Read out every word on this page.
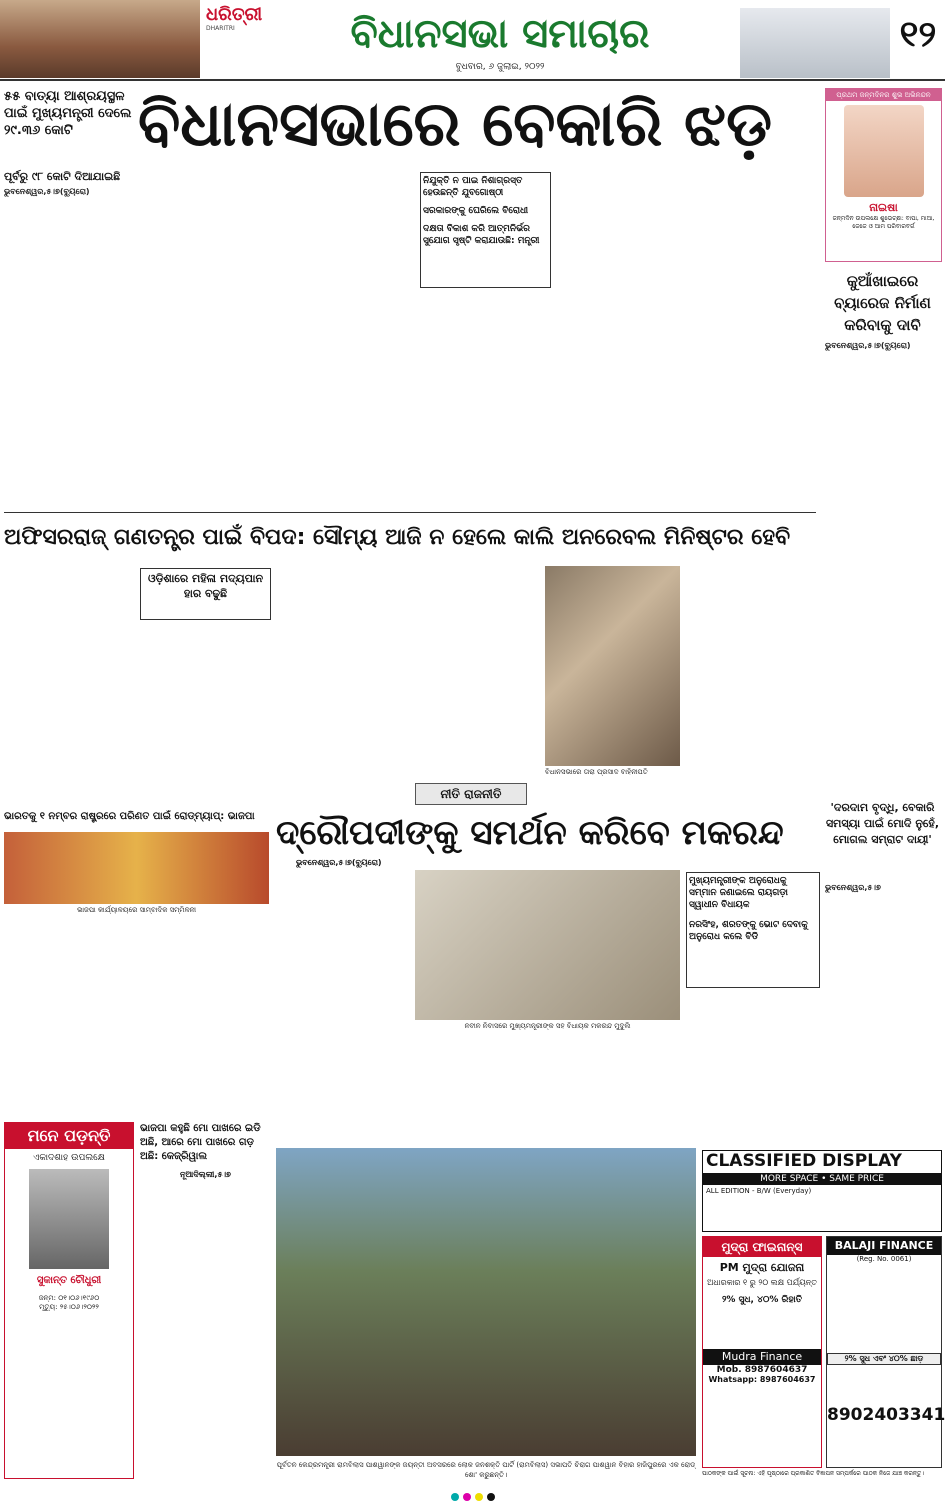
ଧରିତ୍ରୀ
DHARITRI	ବିଧାନସଭା ସମାଚାର
ବୁଧବାର, ୬ ଜୁଲାଇ, ୨୦୨୨
୧୨
୫୫ ବାତ୍ୟା ଆଶ୍ରୟସ୍ଥଳ ପାଇଁ ମୁଖ୍ୟମନ୍ତ୍ରୀ ଦେଲେ ୨୯.୩୬ କୋଟି	ବିଧାନସଭାରେ ବେକାରି ଝଡ଼
ପୂର୍ବରୁ ୯୮ କୋଟି ଦିଆଯାଇଛି
ଭୁବନେଶ୍ୱର,୫।୭(ବ୍ୟୁରୋ)
ନିଯୁକ୍ତି ନ ପାଇ ନିଶାଗ୍ରସ୍ତ ହେଉଛନ୍ତି ଯୁବଗୋଷ୍ଠୀ
ସରକାରଙ୍କୁ ଘେରିଲେ ବିରୋଧୀ
ଦକ୍ଷତା ବିକାଶ କରି ଆତ୍ମନିର୍ଭର ସୁଯୋଗ ସୃଷ୍ଟି କରାଯାଉଛି: ମନ୍ତ୍ରୀ
ପ୍ରଥମ ଜନ୍ମଦିନର ଶୁଭ ଅଭିନନ୍ଦନ
ନାଇଷା
ଜନ୍ମଦିନ ଉପଲକ୍ଷେ ଶୁଭେଚ୍ଛା: ବାପା, ମାଆ, ଜେଜେ ଓ ଆମ ପରିବାରବର୍ଗ
କୁଆଁଖାଇରେ ବ୍ୟାରେଜ ନିର୍ମାଣ କରିବାକୁ ଦାବି
ଭୁବନେଶ୍ୱର,୫।୭(ବ୍ୟୁରୋ)
ଅଫିସରରାଜ୍ ଗଣତନ୍ତ୍ର ପାଇଁ ବିପଦ: ସୌମ୍ୟ ଆଜି ନ ହେଲେ କାଲି ଅନରେବଲ ମିନିଷ୍ଟର ହେବି
ଓଡ଼ିଶାରେ ମହିଳା ମଦ୍ୟପାନ ହାର ବଢୁଛି
ବିଧାନସଭାରେ ତାରା ପ୍ରସାଦ ବାହିନୀପତି
ନୀତି ରାଜନୀତି
ଭାରତକୁ ୧ ନମ୍ବର ରାଷ୍ଟ୍ରରେ ପରିଣତ ପାଇଁ ରୋଡ୍‌ମ୍ୟାପ୍: ଭାଜପା
ଭାଜପା କାର୍ଯ୍ୟାଳୟରେ ସାମ୍ବାଦିକ ସମ୍ମିଳନୀ
ଦ୍ରୌପଦୀଙ୍କୁ ସମର୍ଥନ କରିବେ ମକରନ୍ଦ
ଭୁବନେଶ୍ୱର,୫।୭(ବ୍ୟୁରୋ)
ନବୀନ ନିବାସରେ ମୁଖ୍ୟମନ୍ତ୍ରୀଙ୍କ ସହ ବିଧାୟକ ମକରନ୍ଦ ମୁଦୁଲି
ମୁଖ୍ୟମନ୍ତ୍ରୀଙ୍କ ଅନୁରୋଧକୁ ସମ୍ମାନ ଜଣାଇଲେ ରାୟଗଡ଼ା ସ୍ୱାଧୀନ ବିଧାୟକ
ନରସିଂହ, ଶରତଙ୍କୁ ଭୋଟ ଦେବାକୁ ଅନୁରୋଧ କଲେ ବିଡି
'ଦରଦାମ ବୃଦ୍ଧି, ବେକାରି ସମସ୍ୟା ପାଇଁ ମୋଦି ନୁହେଁ, ମୋଗଲ ସମ୍ରାଟ ଦାୟୀ'
ଭୁବନେଶ୍ୱର,୫।୭
ମନେ ପଡ଼ନ୍ତି
ଏକାଦଶାହ ଉପଲକ୍ଷେ
ସୁକାନ୍ତ ଚୌଧୁରୀ
ଜନ୍ମ: ୦୧।୦୬।୧୯୬୦
ମୃତ୍ୟୁ: ୨୫।୦୬।୨୦୨୨
ଭାଜପା କହୁଛି ମୋ ପାଖରେ ଇଡି ଅଛି, ଆରେ ମୋ ପାଖରେ ଗଡ଼ ଅଛି: କେଜ୍ରିୱାଲ
ନୂଆଦିଲ୍ଲୀ,୫।୭
ପୂର୍ବତନ କେନ୍ଦ୍ରମନ୍ତ୍ରୀ ରାମବିଲାସ ପାଶୱାନଙ୍କ ଜୟନ୍ତୀ ଅବସରରେ ଲୋକ ଜନଶକ୍ତି ପାର୍ଟି (ରାମବିଲାସ) ସଭାପତି ଚିରାଗ ପାଶୱାନ ବିହାର ହାଜିପୁରରେ ଏକ ରୋଡ୍ ଶୋ' କରୁଛନ୍ତି।
CLASSIFIED DISPLAY
MORE SPACE • SAME PRICE
ALL EDITION - B/W (Everyday)
ମୁଦ୍ରା ଫାଇନାନ୍ସ
PM ମୁଦ୍ରା ଯୋଜନା
ଅଧାରକାର ୧ ରୁ ୨୦ ଲକ୍ଷ ପର୍ଯ୍ୟନ୍ତ
୨% ସୁଧ, ୪୦% ରିହାତି
Mudra Finance
Mob. 8987604637
Whatsapp: 8987604637
BALAJI FINANCE
(Reg. No. 0061)
୨% ସୁଧ ଏବଂ ୪୦% ଛାଡ଼
8902403341
ପାଠକଙ୍କ ପାଇଁ ସୂଚନା: ଏହି ପୃଷ୍ଠାରେ ପ୍ରକାଶିତ ବିଜ୍ଞାପନ ସମ୍ପର୍କରେ ପାଠକ ନିଜେ ଯାଞ୍ଚ କରନ୍ତୁ।
